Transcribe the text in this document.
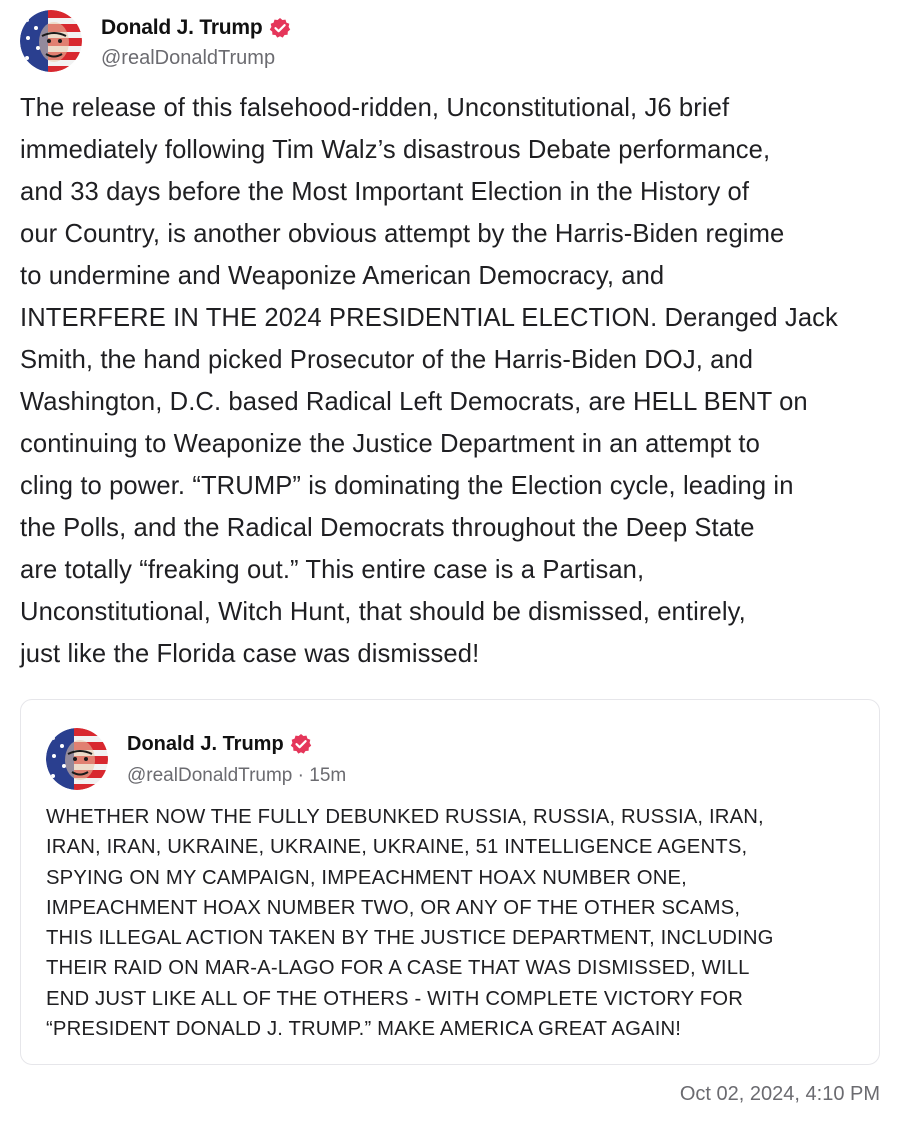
Donald J. Trump
@realDonaldTrump
The release of this falsehood-ridden, Unconstitutional, J6 brief
immediately following Tim Walz’s disastrous Debate performance,
and 33 days before the Most Important Election in the History of
our Country, is another obvious attempt by the Harris-Biden regime
to undermine and Weaponize American Democracy, and
INTERFERE IN THE 2024 PRESIDENTIAL ELECTION. Deranged Jack
Smith, the hand picked Prosecutor of the Harris-Biden DOJ, and
Washington, D.C. based Radical Left Democrats, are HELL BENT on
continuing to Weaponize the Justice Department in an attempt to
cling to power. “TRUMP” is dominating the Election cycle, leading in
the Polls, and the Radical Democrats throughout the Deep State
are totally “freaking out.” This entire case is a Partisan,
Unconstitutional, Witch Hunt, that should be dismissed, entirely,
just like the Florida case was dismissed!
Donald J. Trump
@realDonaldTrump · 15m
WHETHER NOW THE FULLY DEBUNKED RUSSIA, RUSSIA, RUSSIA, IRAN,
IRAN, IRAN, UKRAINE, UKRAINE, UKRAINE, 51 INTELLIGENCE AGENTS,
SPYING ON MY CAMPAIGN, IMPEACHMENT HOAX NUMBER ONE,
IMPEACHMENT HOAX NUMBER TWO, OR ANY OF THE OTHER SCAMS,
THIS ILLEGAL ACTION TAKEN BY THE JUSTICE DEPARTMENT, INCLUDING
THEIR RAID ON MAR-A-LAGO FOR A CASE THAT WAS DISMISSED, WILL
END JUST LIKE ALL OF THE OTHERS - WITH COMPLETE VICTORY FOR
“PRESIDENT DONALD J. TRUMP.” MAKE AMERICA GREAT AGAIN!
Oct 02, 2024, 4:10 PM
